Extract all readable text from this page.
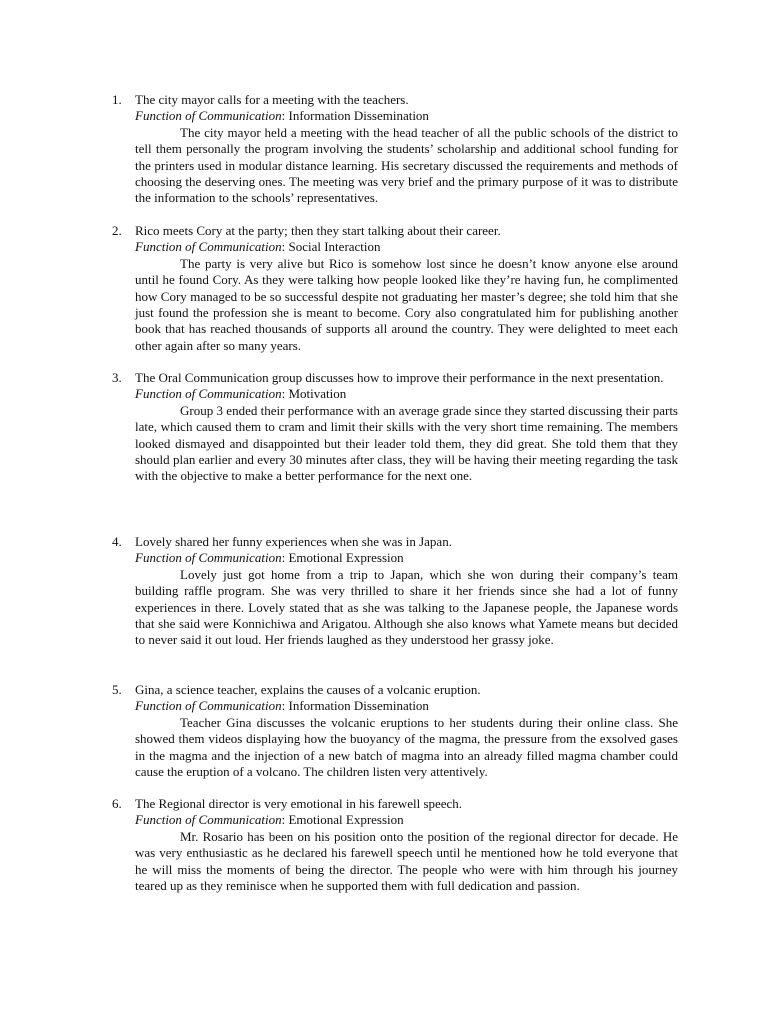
1.	The city mayor calls for a meeting with the teachers.
Function of Communication: Information Dissemination
The city mayor held a meeting with the head teacher of all the public schools of the district to tell them personally the program involving the students’ scholarship and additional school funding for the printers used in modular distance learning. His secretary discussed the requirements and methods of choosing the deserving ones. The meeting was very brief and the primary purpose of it was to distribute the information to the schools’ representatives.
2.	Rico meets Cory at the party; then they start talking about their career.
Function of Communication: Social Interaction
The party is very alive but Rico is somehow lost since he doesn’t know anyone else around until he found Cory. As they were talking how people looked like they’re having fun, he complimented how Cory managed to be so successful despite not graduating her master’s degree; she told him that she just found the profession she is meant to become. Cory also congratulated him for publishing another book that has reached thousands of supports all around the country. They were delighted to meet each other again after so many years.
3.	The Oral Communication group discusses how to improve their performance in the next presentation.
Function of Communication: Motivation
Group 3 ended their performance with an average grade since they started discussing their parts late, which caused them to cram and limit their skills with the very short time remaining. The members looked dismayed and disappointed but their leader told them, they did great. She told them that they should plan earlier and every 30 minutes after class, they will be having their meeting regarding the task with the objective to make a better performance for the next one.
4.	Lovely shared her funny experiences when she was in Japan.
Function of Communication: Emotional Expression
Lovely just got home from a trip to Japan, which she won during their company’s team building raffle program. She was very thrilled to share it her friends since she had a lot of funny experiences in there. Lovely stated that as she was talking to the Japanese people, the Japanese words that she said were Konnichiwa and Arigatou. Although she also knows what Yamete means but decided to never said it out loud. Her friends laughed as they understood her grassy joke.
5.	Gina, a science teacher, explains the causes of a volcanic eruption.
Function of Communication: Information Dissemination
Teacher Gina discusses the volcanic eruptions to her students during their online class. She showed them videos displaying how the buoyancy of the magma, the pressure from the exsolved gases in the magma and the injection of a new batch of magma into an already filled magma chamber could cause the eruption of a volcano. The children listen very attentively.
6.	The Regional director is very emotional in his farewell speech.
Function of Communication: Emotional Expression
Mr. Rosario has been on his position onto the position of the regional director for decade. He was very enthusiastic as he declared his farewell speech until he mentioned how he told everyone that he will miss the moments of being the director. The people who were with him through his journey teared up as they reminisce when he supported them with full dedication and passion.
